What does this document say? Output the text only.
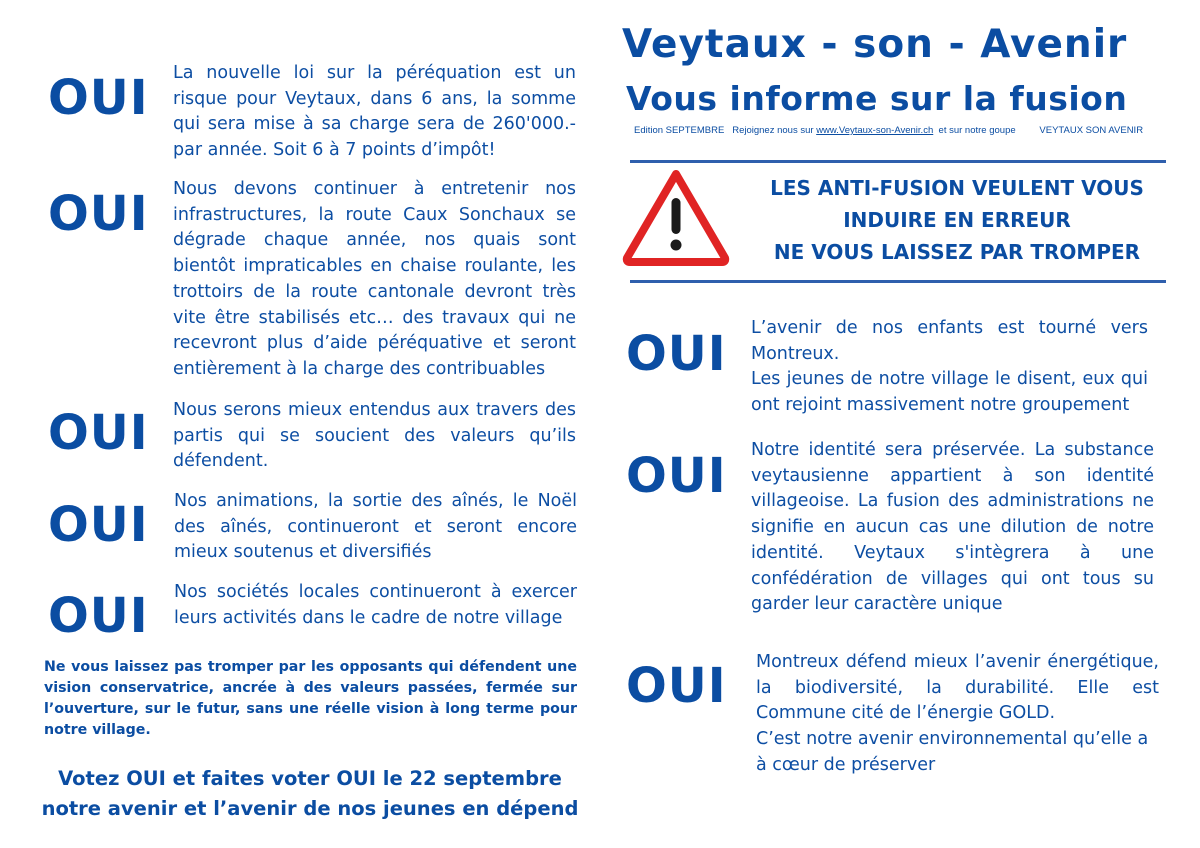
OUI La nouvelle loi sur la péréquation est un risque pour Veytaux, dans 6 ans, la somme qui sera mise à sa charge sera de 260'000.- par année. Soit 6 à 7 points d’impôt!
OUI Nous devons continuer à entretenir nos infrastructures, la route Caux Sonchaux se dégrade chaque année, nos quais sont bientôt impraticables en chaise roulante, les trottoirs de la route cantonale devront très vite être stabilisés etc… des travaux qui ne recevront plus d’aide péréquative et seront entièrement à la charge des contribuables
OUI Nous serons mieux entendus aux travers des partis qui se soucient des valeurs qu’ils défendent.
OUI Nos animations, la sortie des aînés, le Noël des aînés, continueront et seront encore mieux soutenus et diversifiés
OUI Nos sociétés locales continueront à exercer leurs activités dans le cadre de notre village
Ne vous laissez pas tromper par les opposants qui défendent une vision conservatrice, ancrée à des valeurs passées, fermée sur l’ouverture, sur le futur, sans une réelle vision à long terme pour notre village.
Votez OUI et faites voter OUI le 22 septembre
notre avenir et l’avenir de nos jeunes en dépend
Veytaux - son - Avenir
Vous informe sur la fusion
Edition SEPTEMBRE Rejoignez nous sur www.Veytaux-son-Avenir.ch et sur notre goupe	VEYTAUX SON AVENIR
LES ANTI-FUSION VEULENT VOUS
INDUIRE EN ERREUR
NE VOUS LAISSEZ PAR TROMPER
OUI L’avenir de nos enfants est tourné vers Montreux.
Les jeunes de notre village le disent, eux qui ont rejoint massivement notre groupement
OUI Notre identité sera préservée. La substance veytausienne appartient à son identité villageoise. La fusion des administrations ne signifie en aucun cas une dilution de notre identité. Veytaux s'intègrera à une confédération de villages qui ont tous su garder leur caractère unique
OUI Montreux défend mieux l’avenir énergétique, la biodiversité, la durabilité. Elle est Commune cité de l’énergie GOLD.
C’est notre avenir environnemental qu’elle a à cœur de préserver
